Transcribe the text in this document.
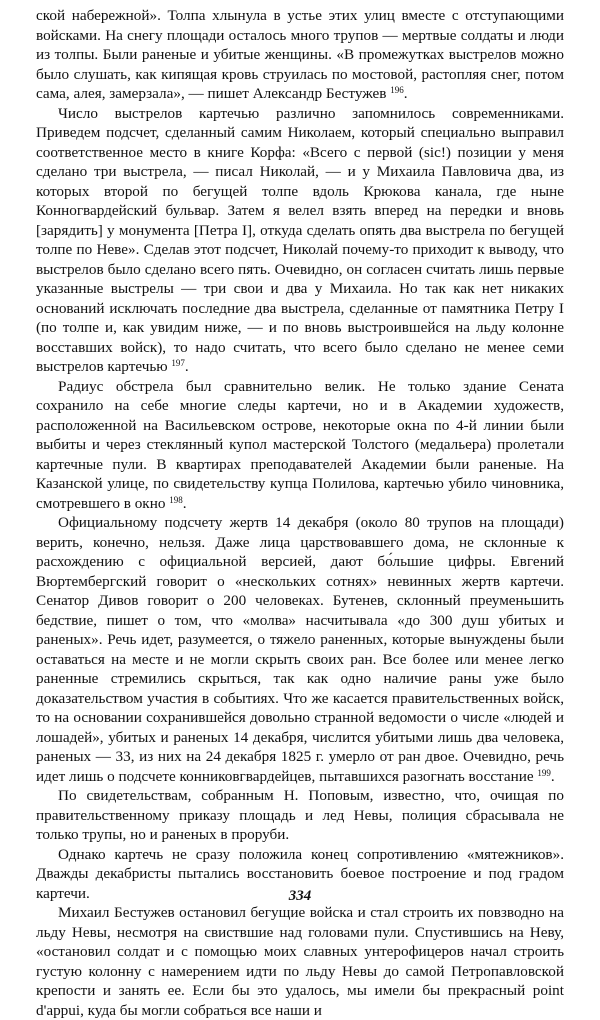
ской набережной». Толпа хлынула в устье этих улиц вместе с отступающими войсками. На снегу площади осталось много трупов — мертвые солдаты и люди из толпы. Были раненые и убитые женщины. «В промежутках выстрелов можно было слушать, как кипящая кровь струилась по мостовой, растопляя снег, потом сама, алея, замерзала», — пишет Александр Бестужев $^{196}$.

Число выстрелов картечью различно запомнилось современниками. Приведем подсчет, сделанный самим Николаем, который специально выправил соответственное место в книге Корфа: «Всего с первой (sic!) позиции у меня сделано три выстрела, — писал Николай, — и у Михаила Павловича два, из которых второй по бегущей толпе вдоль Крюкова канала, где ныне Конногвардейский бульвар. Затем я велел взять вперед на передки и вновь [зарядить] у монумента [Петра I], откуда сделать опять два выстрела по бегущей толпе по Неве». Сделав этот подсчет, Николай почему-то приходит к выводу, что выстрелов было сделано всего пять. Очевидно, он согласен считать лишь первые указанные выстрелы — три свои и два у Михаила. Но так как нет никаких оснований исключать последние два выстрела, сделанные от памятника Петру I (по толпе и, как увидим ниже, — и по вновь выстроившейся на льду колонне восставших войск), то надо считать, что всего было сделано не менее семи выстрелов картечью $^{197}$.

Радиус обстрела был сравнительно велик. Не только здание Сената сохранило на себе многие следы картечи, но и в Академии художеств, расположенной на Васильевском острове, некоторые окна по 4-й линии были выбиты и через стеклянный купол мастерской Толстого (медальера) пролетали картечные пули. В квартирах преподавателей Академии были раненые. На Казанской улице, по свидетельству купца Полилова, картечью убило чиновника, смотревшего в окно $^{198}$.

Официальному подсчету жертв 14 декабря (около 80 трупов на площади) верить, конечно, нельзя. Даже лица царствовавшего дома, не склонные к расхождению с официальной версией, дают бо́льшие цифры. Евгений Вюртембергский говорит о «нескольких сотнях» невинных жертв картечи. Сенатор Дивов говорит о 200 человеках. Бутенев, склонный преуменьшить бедствие, пишет о том, что «молва» насчитывала «до 300 душ убитых и раненых». Речь идет, разумеется, о тяжело раненных, которые вынуждены были оставаться на месте и не могли скрыть своих ран. Все более или менее легко раненные стремились скрыться, так как одно наличие раны уже было доказательством участия в событиях. Что же касается правительственных войск, то на основании сохранившейся довольно странной ведомости о числе «людей и лошадей», убитых и раненых 14 декабря, числится убитыми лишь два человека, раненых — 33, из них на 24 декабря 1825 г. умерло от ран двое. Очевидно, речь идет лишь о подсчете конниковгвардейцев, пытавшихся разогнать восстание $^{199}$.

По свидетельствам, собранным Н. Поповым, известно, что, очищая по правительственному приказу площадь и лед Невы, полиция сбрасывала не только трупы, но и раненых в проруби.

Однако картечь не сразу положила конец сопротивлению «мятежников». Дважды декабристы пытались восстановить боевое построение и под градом картечи.

Михаил Бестужев остановил бегущие войска и стал строить их повзводно на льду Невы, несмотря на свиствшие над головами пули. Спустившись на Неву, «остановил солдат и с помощью моих славных унтерофицеров начал строить густую колонну с намерением идти по льду Невы до самой Петропавловской крепости и занять ее. Если бы это удалось, мы имели бы прекрасный point d'appui, куда бы могли собраться все наши и

334
